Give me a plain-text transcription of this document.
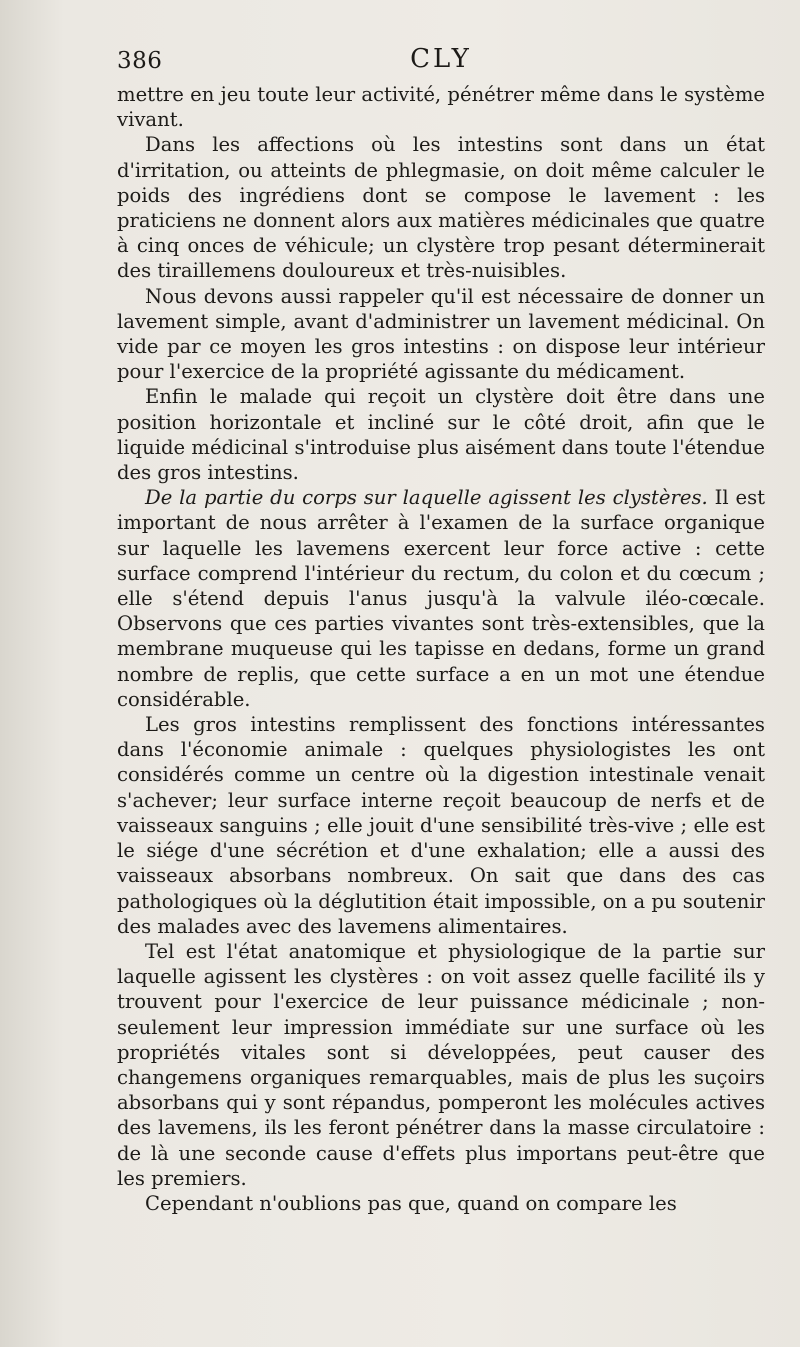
386	CLY

mettre en jeu toute leur activité, pénétrer même dans le système vivant.

Dans les affections où les intestins sont dans un état d'irritation, ou atteints de phlegmasie, on doit même calculer le poids des ingrédiens dont se compose le lavement : les praticiens ne donnent alors aux matières médicinales que quatre à cinq onces de véhicule; un clystère trop pesant déterminerait des tiraillemens douloureux et très-nuisibles.

Nous devons aussi rappeler qu'il est nécessaire de donner un lavement simple, avant d'administrer un lavement médicinal. On vide par ce moyen les gros intestins : on dispose leur intérieur pour l'exercice de la propriété agissante du médicament.

Enfin le malade qui reçoit un clystère doit être dans une position horizontale et incliné sur le côté droit, afin que le liquide médicinal s'introduise plus aisément dans toute l'étendue des gros intestins.

De la partie du corps sur laquelle agissent les clystères. Il est important de nous arrêter à l'examen de la surface organique sur laquelle les lavemens exercent leur force active : cette surface comprend l'intérieur du rectum, du colon et du cœcum ; elle s'étend depuis l'anus jusqu'à la valvule iléo-cœcale. Observons que ces parties vivantes sont très-extensibles, que la membrane muqueuse qui les tapisse en dedans, forme un grand nombre de replis, que cette surface a en un mot une étendue considérable.

Les gros intestins remplissent des fonctions intéressantes dans l'économie animale : quelques physiologistes les ont considérés comme un centre où la digestion intestinale venait s'achever; leur surface interne reçoit beaucoup de nerfs et de vaisseaux sanguins ; elle jouit d'une sensibilité très-vive ; elle est le siége d'une sécrétion et d'une exhalation; elle a aussi des vaisseaux absorbans nombreux. On sait que dans des cas pathologiques où la déglutition était impossible, on a pu soutenir des malades avec des lavemens alimentaires.

Tel est l'état anatomique et physiologique de la partie sur laquelle agissent les clystères : on voit assez quelle facilité ils y trouvent pour l'exercice de leur puissance médicinale ; non-seulement leur impression immédiate sur une surface où les propriétés vitales sont si développées, peut causer des changemens organiques remarquables, mais de plus les suçoirs absorbans qui y sont répandus, pomperont les molécules actives des lavemens, ils les feront pénétrer dans la masse circulatoire : de là une seconde cause d'effets plus importans peut-être que les premiers.

Cependant n'oublions pas que, quand on compare les
